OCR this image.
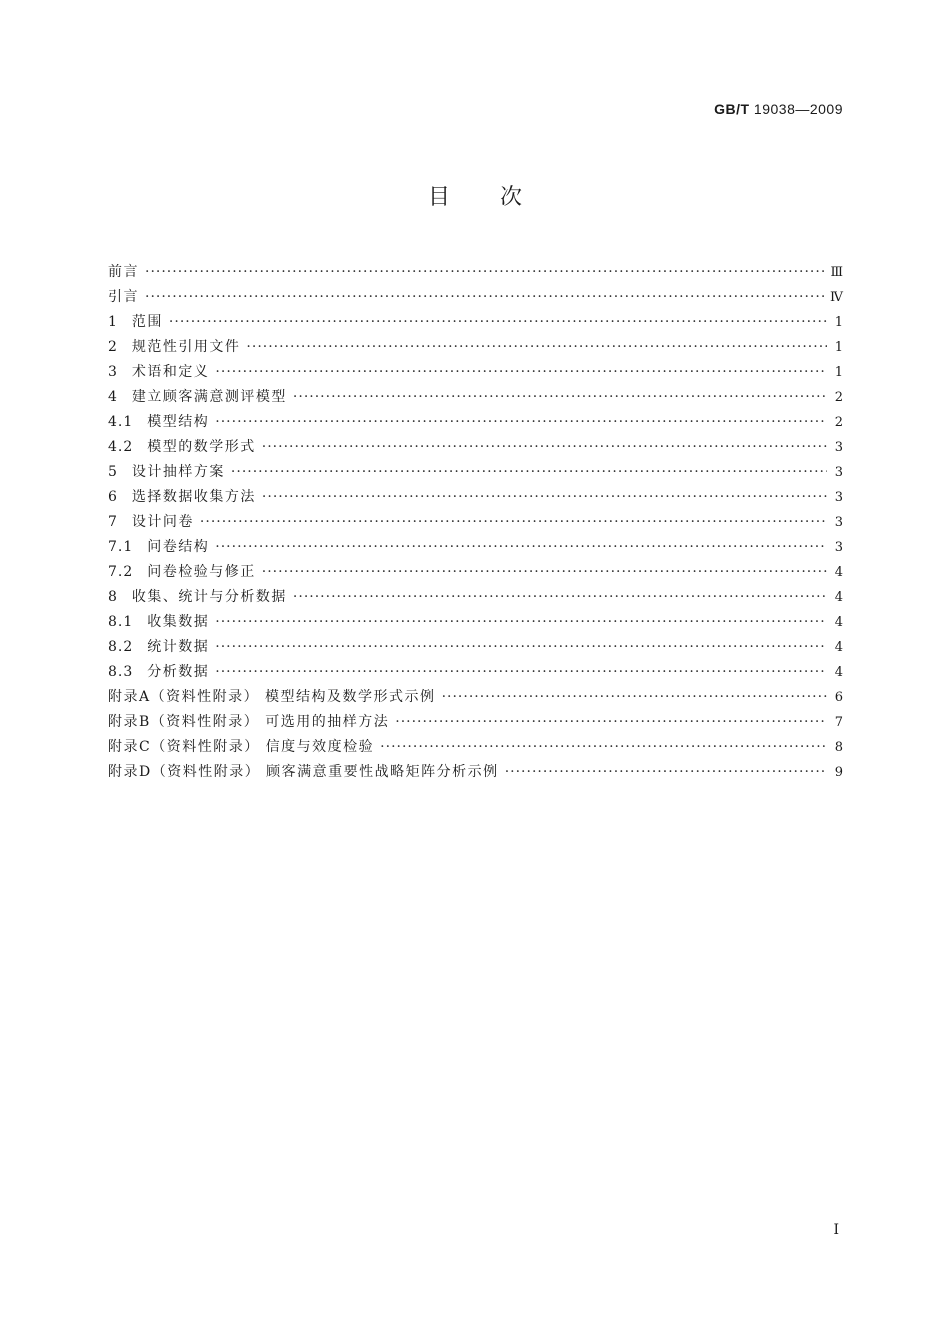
GB/T 19038—2009
目 次
前言 ·····	Ⅲ
引言 ·····	Ⅳ
1 范围 ·····	1
2 规范性引用文件 ·····	1
3 术语和定义 ·····	1
4 建立顾客满意测评模型 ·····	2
4.1 模型结构 ·····	2
4.2 模型的数学形式 ·····	3
5 设计抽样方案 ·····	3
6 选择数据收集方法 ·····	3
7 设计问卷 ·····	3
7.1 问卷结构 ·····	3
7.2 问卷检验与修正 ·····	4
8 收集、统计与分析数据 ·····	4
8.1 收集数据 ·····	4
8.2 统计数据 ·····	4
8.3 分析数据 ·····	4
附录A（资料性附录） 模型结构及数学形式示例 ·····	6
附录B（资料性附录） 可选用的抽样方法 ·····	7
附录C（资料性附录） 信度与效度检验 ·····	8
附录D（资料性附录） 顾客满意重要性战略矩阵分析示例 ·····	9
I
